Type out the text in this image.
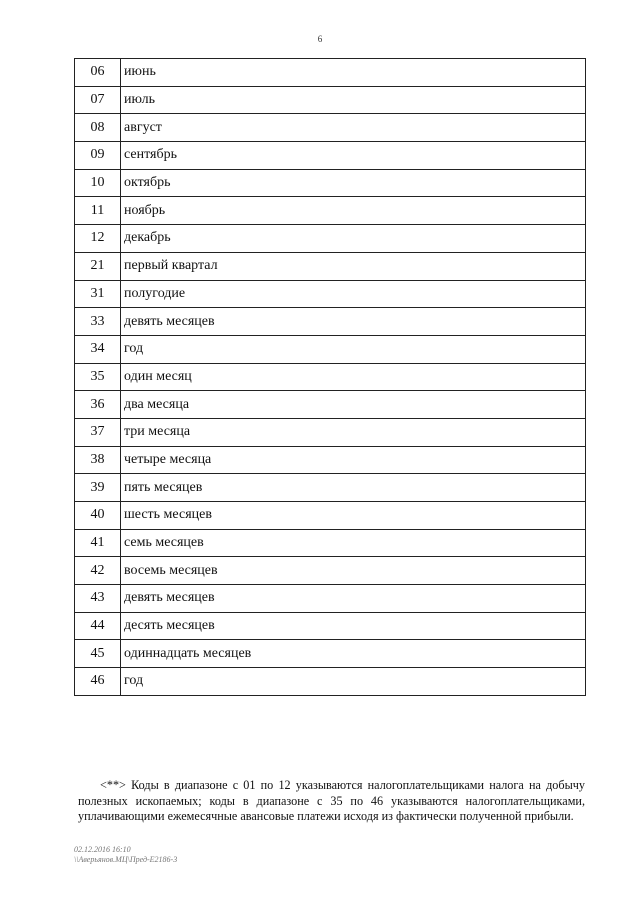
6
06	июнь
07	июль
08	август
09	сентябрь
10	октябрь
11	ноябрь
12	декабрь
21	первый квартал
31	полугодие
33	девять месяцев
34	год
35	один месяц
36	два месяца
37	три месяца
38	четыре месяца
39	пять месяцев
40	шесть месяцев
41	семь месяцев
42	восемь месяцев
43	девять месяцев
44	десять месяцев
45	одиннадцать месяцев
46	год

<**> Коды в диапазоне с 01 по 12 указываются налогоплательщиками налога на добычу полезных ископаемых; коды в диапазоне с 35 по 46 указываются налогоплательщиками, уплачивающими ежемесячные авансовые платежи исходя из фактически полученной прибыли.

02.12.2016 16:10
\\Аверьянов.МЦ\Пред-Е2186-3
